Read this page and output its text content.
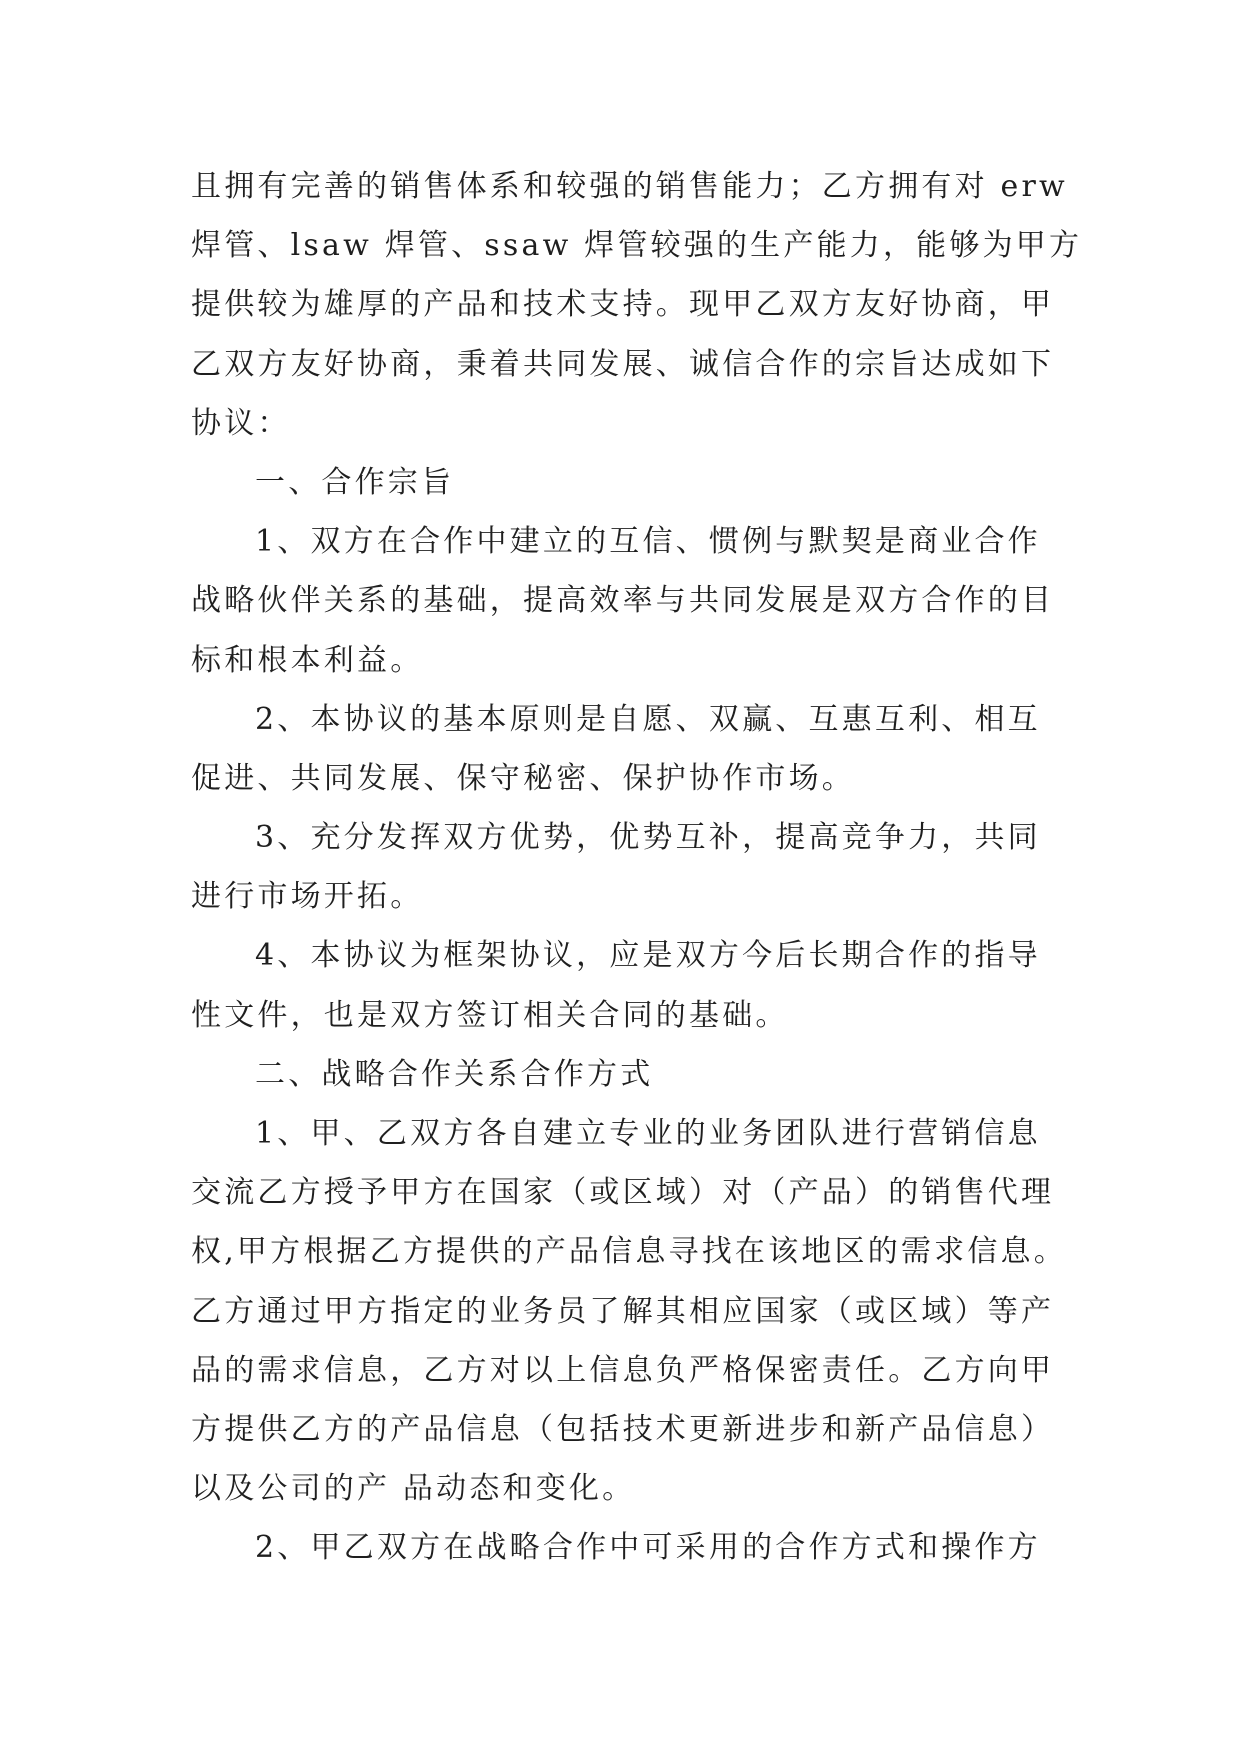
且拥有完善的销售体系和较强的销售能力；乙方拥有对 erw
焊管、lsaw 焊管、ssaw 焊管较强的生产能力，能够为甲方
提供较为雄厚的产品和技术支持。现甲乙双方友好协商，甲
乙双方友好协商，秉着共同发展、诚信合作的宗旨达成如下
协议：
一、合作宗旨
1、双方在合作中建立的互信、惯例与默契是商业合作
战略伙伴关系的基础，提高效率与共同发展是双方合作的目
标和根本利益。
2、本协议的基本原则是自愿、双赢、互惠互利、相互
促进、共同发展、保守秘密、保护协作市场。
3、充分发挥双方优势，优势互补，提高竞争力，共同
进行市场开拓。
4、本协议为框架协议，应是双方今后长期合作的指导
性文件，也是双方签订相关合同的基础。
二、战略合作关系合作方式
1、甲、乙双方各自建立专业的业务团队进行营销信息
交流乙方授予甲方在国家（或区域）对（产品）的销售代理
权,甲方根据乙方提供的产品信息寻找在该地区的需求信息。
乙方通过甲方指定的业务员了解其相应国家（或区域）等产
品的需求信息，乙方对以上信息负严格保密责任。乙方向甲
方提供乙方的产品信息（包括技术更新进步和新产品信息）
以及公司的产 品动态和变化。
2、甲乙双方在战略合作中可采用的合作方式和操作方
